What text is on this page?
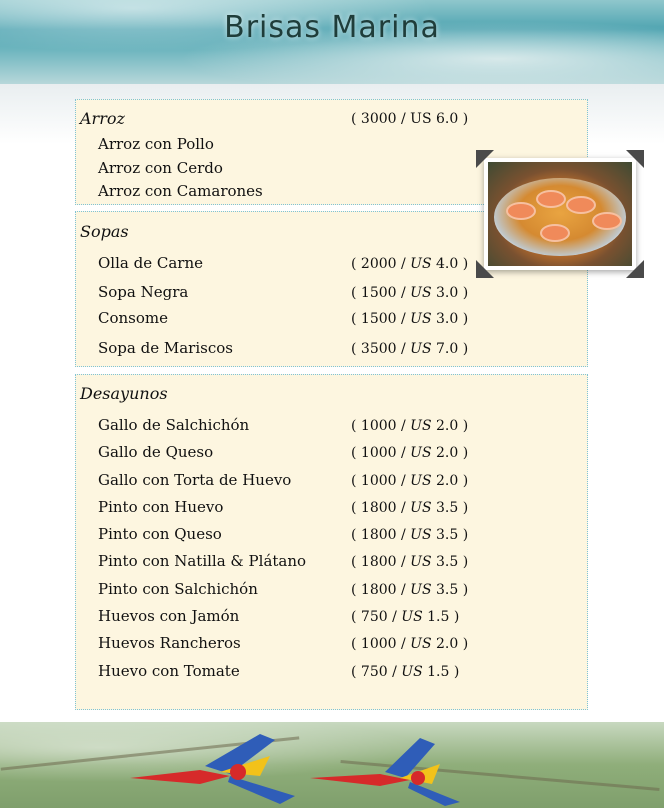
Brisas Marina
Arroz	( 3000 / US 6.0 )
Arroz con Pollo
Arroz con Cerdo
Arroz con Camarones
Sopas
Olla de Carne	( 2000 / US 4.0 )
Sopa Negra	( 1500 / US 3.0 )
Consome	( 1500 / US 3.0 )
Sopa de Mariscos	( 3500 / US 7.0 )
Desayunos
Gallo de Salchichón	( 1000 / US 2.0 )
Gallo de Queso	( 1000 / US 2.0 )
Gallo con Torta de Huevo	( 1000 / US 2.0 )
Pinto con Huevo	( 1800 / US 3.5 )
Pinto con Queso	( 1800 / US 3.5 )
Pinto con Natilla & Plátano	( 1800 / US 3.5 )
Pinto con Salchichón	( 1800 / US 3.5 )
Huevos con Jamón	( 750 / US 1.5 )
Huevos Rancheros	( 1000 / US 2.0 )
Huevo con Tomate	( 750 / US 1.5 )
